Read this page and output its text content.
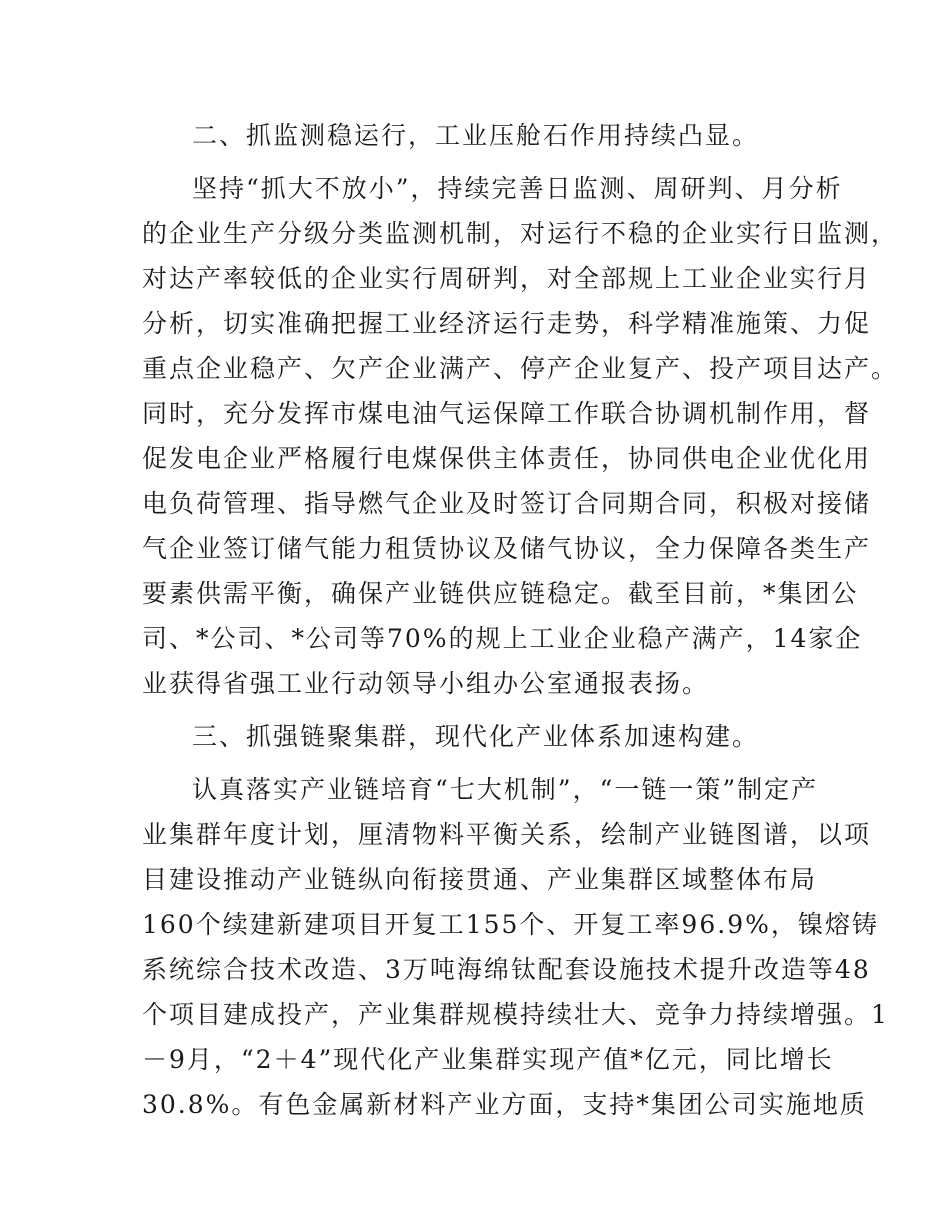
二、抓监测稳运行，工业压舱石作用持续凸显。
坚持“抓大不放小”，持续完善日监测、周研判、月分析
的企业生产分级分类监测机制，对运行不稳的企业实行日监测，
对达产率较低的企业实行周研判，对全部规上工业企业实行月
分析，切实准确把握工业经济运行走势，科学精准施策、力促
重点企业稳产、欠产企业满产、停产企业复产、投产项目达产。
同时，充分发挥市煤电油气运保障工作联合协调机制作用，督
促发电企业严格履行电煤保供主体责任，协同供电企业优化用
电负荷管理、指导燃气企业及时签订合同期合同，积极对接储
气企业签订储气能力租赁协议及储气协议，全力保障各类生产
要素供需平衡，确保产业链供应链稳定。截至目前，*集团公
司、*公司、*公司等70%的规上工业企业稳产满产，14家企
业获得省强工业行动领导小组办公室通报表扬。
三、抓强链聚集群，现代化产业体系加速构建。
认真落实产业链培育“七大机制”，“一链一策”制定产
业集群年度计划，厘清物料平衡关系，绘制产业链图谱，以项
目建设推动产业链纵向衔接贯通、产业集群区域整体布局
160个续建新建项目开复工155个、开复工率96.9%，镍熔铸
系统综合技术改造、3万吨海绵钛配套设施技术提升改造等48
个项目建成投产，产业集群规模持续壮大、竞争力持续增强。1
－9月，“2＋4”现代化产业集群实现产值*亿元，同比增长
30.8%。有色金属新材料产业方面，支持*集团公司实施地质
